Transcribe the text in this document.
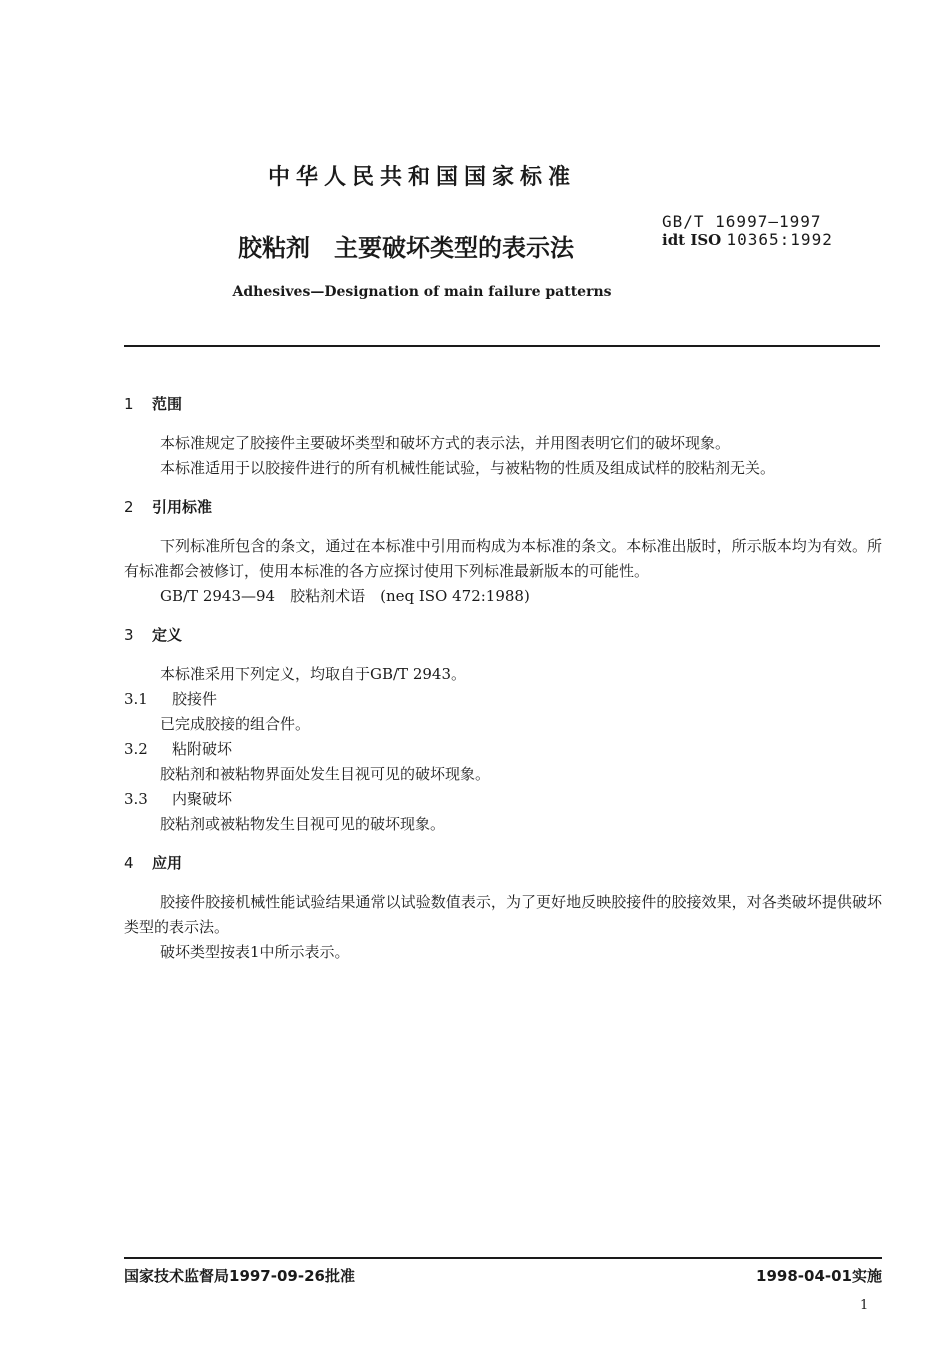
中华人民共和国国家标准
胶粘剂　主要破坏类型的表示法
GB/T 16997—1997
idt ISO 10365:1992
Adhesives—Designation of main failure patterns
1 范围

本标准规定了胶接件主要破坏类型和破坏方式的表示法，并用图表明它们的破坏现象。

本标准适用于以胶接件进行的所有机械性能试验，与被粘物的性质及组成试样的胶粘剂无关。

2 引用标准

下列标准所包含的条文，通过在本标准中引用而构成为本标准的条文。本标准出版时，所示版本均为有效。所有标准都会被修订，使用本标准的各方应探讨使用下列标准最新版本的可能性。

GB/T 2943—94　胶粘剂术语　(neq ISO 472:1988)

3 定义

本标准采用下列定义，均取自于GB/T 2943。

3.1 胶接件

已完成胶接的组合件。

3.2 粘附破坏

胶粘剂和被粘物界面处发生目视可见的破坏现象。

3.3 内聚破坏

胶粘剂或被粘物发生目视可见的破坏现象。

4 应用

胶接件胶接机械性能试验结果通常以试验数值表示，为了更好地反映胶接件的胶接效果，对各类破坏提供破坏类型的表示法。

破坏类型按表1中所示表示。

国家技术监督局1997-09-26批准	1998-04-01实施
1
